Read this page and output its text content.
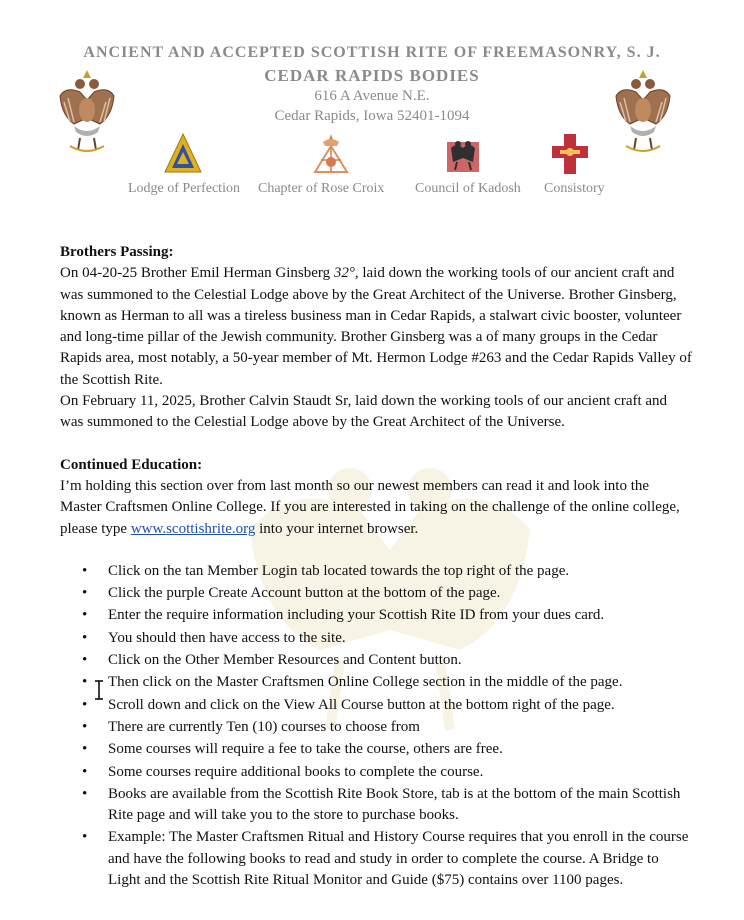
ANCIENT AND ACCEPTED SCOTTISH RITE OF FREEMASONRY, S. J.
CEDAR RAPIDS BODIES
616 A Avenue N.E.
Cedar Rapids, Iowa 52401-1094
Lodge of Perfection Chapter of Rose Croix Council of Kadosh Consistory
Brothers Passing:

On 04-20-25 Brother Emil Herman Ginsberg 32°, laid down the working tools of our ancient craft and was summoned to the Celestial Lodge above by the Great Architect of the Universe. Brother Ginsberg, known as Herman to all was a tireless business man in Cedar Rapids, a stalwart civic booster, volunteer and long-time pillar of the Jewish community. Brother Ginsberg was a of many groups in the Cedar Rapids area, most notably, a 50-year member of Mt. Hermon Lodge #263 and the Cedar Rapids Valley of the Scottish Rite.

On February 11, 2025, Brother Calvin Staudt Sr, laid down the working tools of our ancient craft and was summoned to the Celestial Lodge above by the Great Architect of the Universe.

Continued Education:

I’m holding this section over from last month so our newest members can read it and look into the Master Craftsmen Online College. If you are interested in taking on the challenge of the online college, please type www.scottishrite.org into your internet browser.

• Click on the tan Member Login tab located towards the top right of the page.
• Click the purple Create Account button at the bottom of the page.
• Enter the require information including your Scottish Rite ID from your dues card.
• You should then have access to the site.
• Click on the Other Member Resources and Content button.
• Then click on the Master Craftsmen Online College section in the middle of the page.
• Scroll down and click on the View All Course button at the bottom right of the page.
• There are currently Ten (10) courses to choose from
• Some courses will require a fee to take the course, others are free.
• Some courses require additional books to complete the course.
• Books are available from the Scottish Rite Book Store, tab is at the bottom of the main Scottish Rite page and will take you to the store to purchase books.
• Example: The Master Craftsmen Ritual and History Course requires that you enroll in the course and have the following books to read and study in order to complete the course. A Bridge to Light and the Scottish Rite Ritual Monitor and Guide ($75) contains over 1100 pages.
